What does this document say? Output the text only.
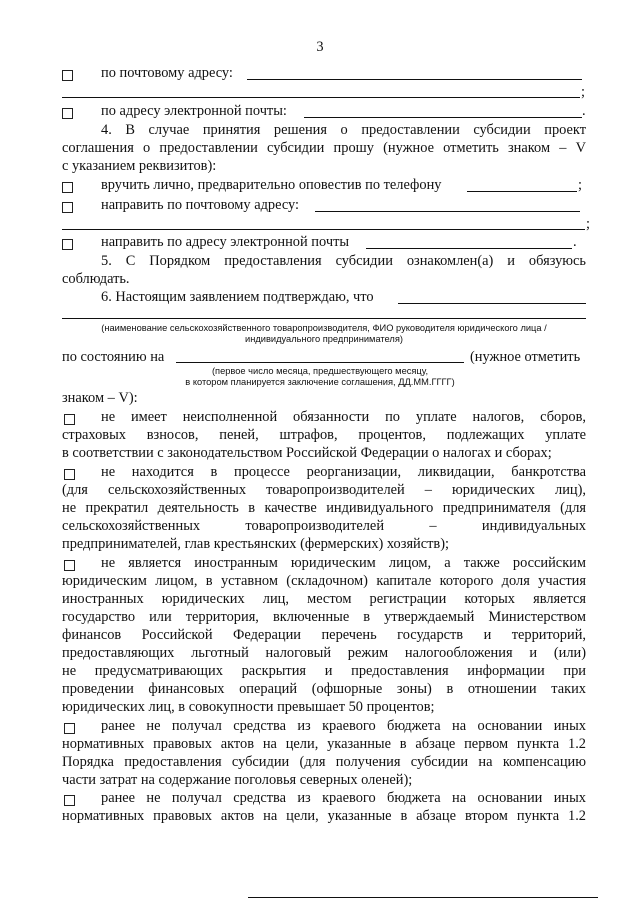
3
по почтовому адресу:
;
по адресу электронной почты:	.
4. В случае принятия решения о предоставлении субсидии проект
соглашения о предоставлении субсидии прошу (нужное отметить знаком – V
с указанием реквизитов):
вручить лично, предварительно оповестив по телефону	;
направить по почтовому адресу:
;
направить по адресу электронной почты	.
5. С Порядком предоставления субсидии ознакомлен(а) и обязуюсь
соблюдать.
6. Настоящим заявлением подтверждаю, что
(наименование сельскохозяйственного товаропроизводителя, ФИО руководителя юридического лица /
индивидуального предпринимателя)
по состоянию на	(нужное отметить
(первое число месяца, предшествующего месяцу,
в котором планируется заключение соглашения, ДД.ММ.ГГГГ)
знаком – V):
не имеет неисполненной обязанности по уплате налогов, сборов,
страховых взносов, пеней, штрафов, процентов, подлежащих уплате
в соответствии с законодательством Российской Федерации о налогах и сборах;
не находится в процессе реорганизации, ликвидации, банкротства
(для сельскохозяйственных товаропроизводителей – юридических лиц),
не прекратил деятельность в качестве индивидуального предпринимателя (для
сельскохозяйственных товаропроизводителей – индивидуальных
предпринимателей, глав крестьянских (фермерских) хозяйств);
не является иностранным юридическим лицом, а также российским
юридическим лицом, в уставном (складочном) капитале которого доля участия
иностранных юридических лиц, местом регистрации которых является
государство или территория, включенные в утверждаемый Министерством
финансов Российской Федерации перечень государств и территорий,
предоставляющих льготный налоговый режим налогообложения и (или)
не предусматривающих раскрытия и предоставления информации при
проведении финансовых операций (офшорные зоны) в отношении таких
юридических лиц, в совокупности превышает 50 процентов;
ранее не получал средства из краевого бюджета на основании иных
нормативных правовых актов на цели, указанные в абзаце первом пункта 1.2
Порядка предоставления субсидии (для получения субсидии на компенсацию
части затрат на содержание поголовья северных оленей);
ранее не получал средства из краевого бюджета на основании иных
нормативных правовых актов на цели, указанные в абзаце втором пункта 1.2
